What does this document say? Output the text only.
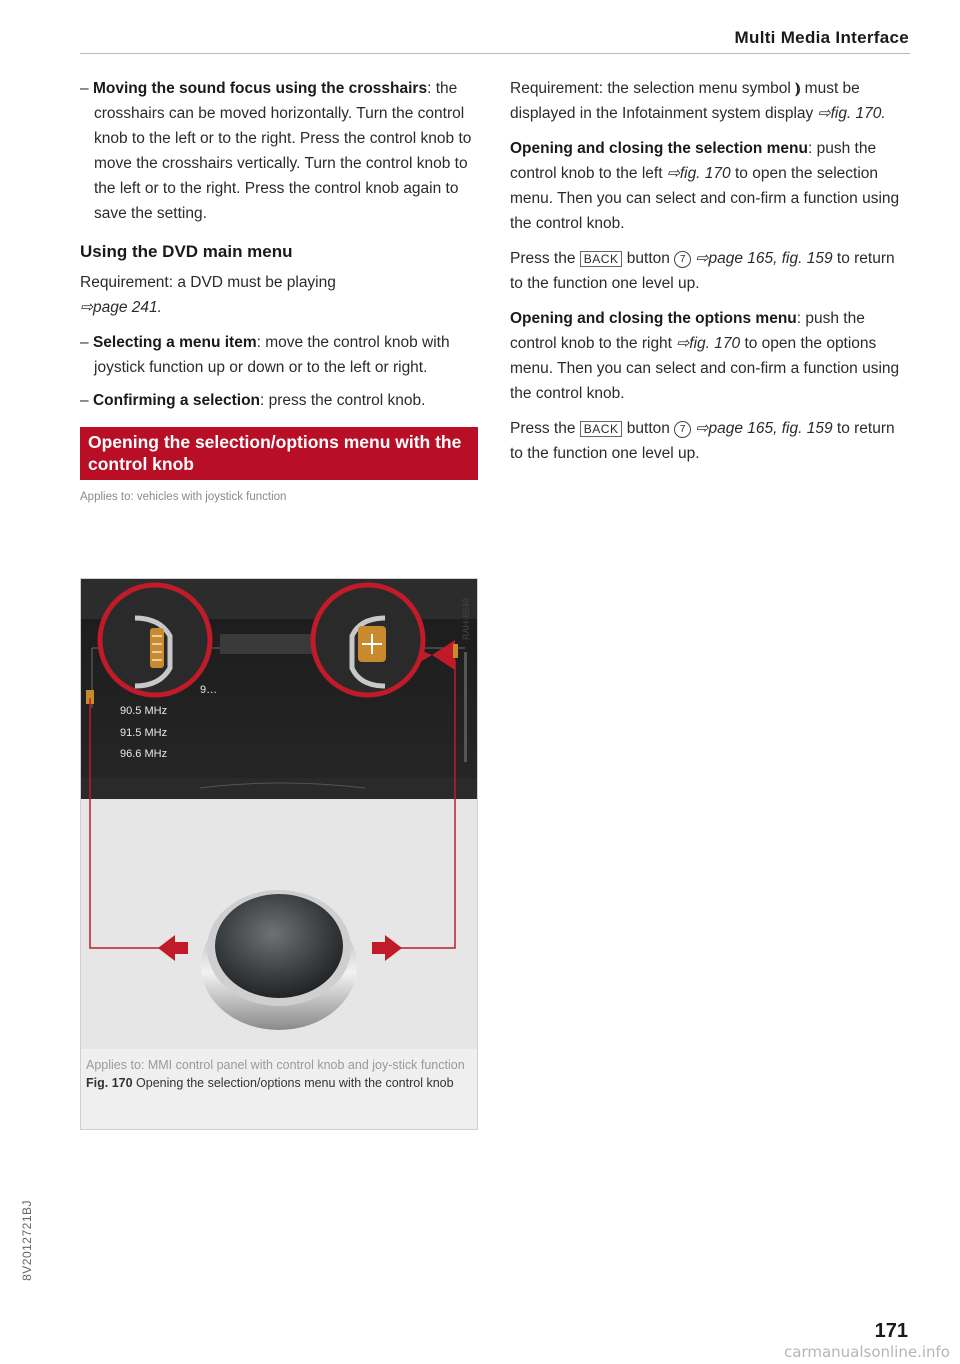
Multi Media Interface
– Moving the sound focus using the crosshairs: the crosshairs can be moved horizontally. Turn the control knob to the left or to the right. Press the control knob to move the crosshairs vertically. Turn the control knob to the left or to the right. Press the control knob again to save the setting.
Using the DVD main menu

Requirement: a DVD must be playing
⇨page 241.

– Selecting a menu item: move the control knob with joystick function up or down or to the left or right.
– Confirming a selection: press the control knob.
Opening the selection/options menu with the control knob

Applies to: vehicles with joystick function

9…
90.5 MHz
91.5 MHz
96.6 MHz
RAH-8549
Applies to: MMI control panel with control knob and joy-stick function
Fig. 170 Opening the selection/options menu with the control knob

Requirement: the selection menu symbol ⦆ must be displayed in the Infotainment system display ⇨fig. 170.

Opening and closing the selection menu: push the control knob to the left ⇨fig. 170 to open the selection menu. Then you can select and con-firm a function using the control knob.

Press the BACK button 7 ⇨page 165, fig. 159 to return to the function one level up.

Opening and closing the options menu: push the control knob to the right ⇨fig. 170 to open the options menu. Then you can select and con-firm a function using the control knob.

Press the BACK button 7 ⇨page 165, fig. 159 to return to the function one level up.

8V2012721BJ
171
carmanualsonline.info
